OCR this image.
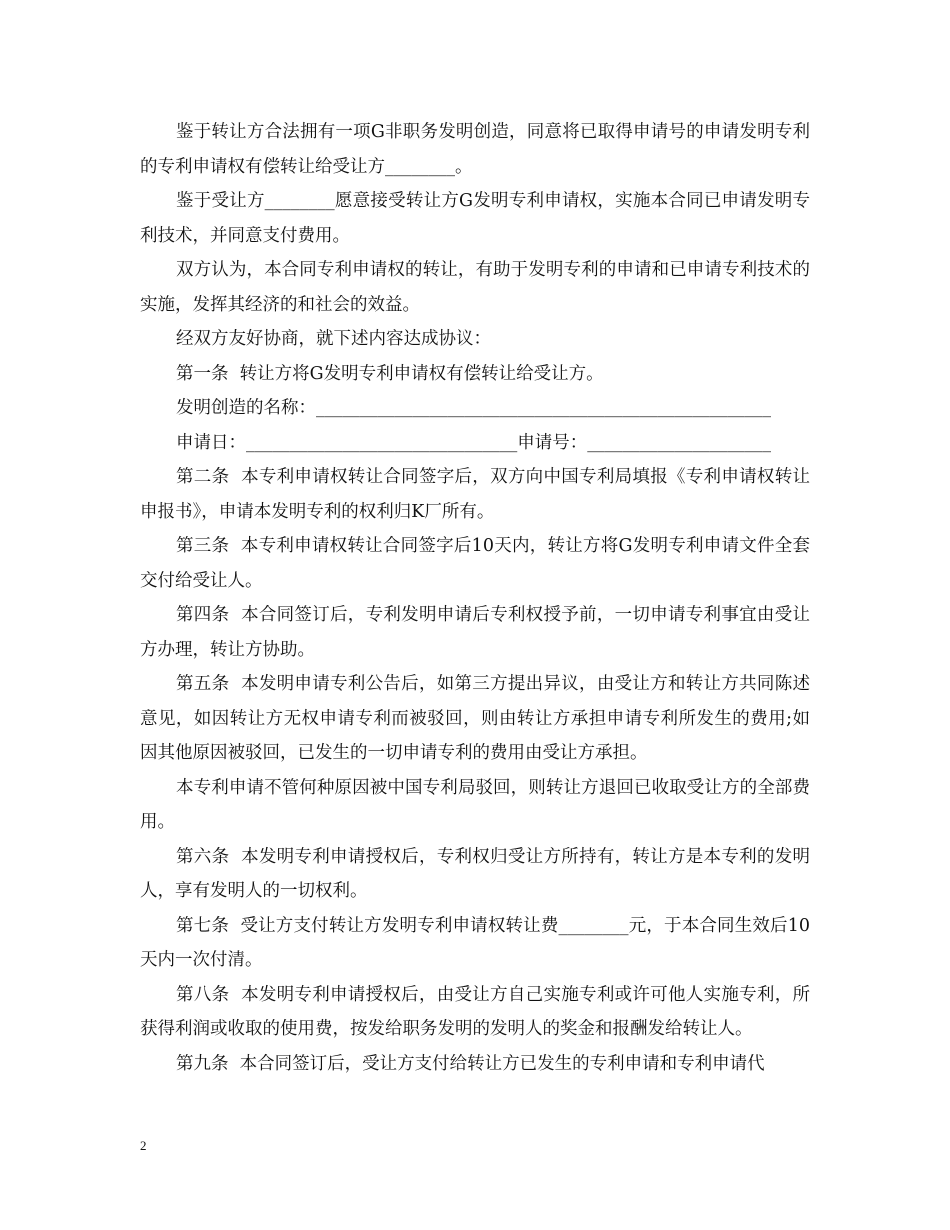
鉴于转让方合法拥有一项G非职务发明创造，同意将已取得申请号的申请发明专利的专利申请权有偿转让给受让方________。

鉴于受让方________愿意接受转让方G发明专利申请权，实施本合同已申请发明专利技术，并同意支付费用。

双方认为，本合同专利申请权的转让，有助于发明专利的申请和已申请专利技术的实施，发挥其经济的和社会的效益。

经双方友好协商，就下述内容达成协议：

第一条  转让方将G发明专利申请权有偿转让给受让方。

发明创造的名称：____________________________________________________

申请日：_______________________________申请号：_____________________

第二条  本专利申请权转让合同签字后，双方向中国专利局填报《专利申请权转让申报书》，申请本发明专利的权利归K厂所有。

第三条  本专利申请权转让合同签字后10天内，转让方将G发明专利申请文件全套交付给受让人。

第四条  本合同签订后，专利发明申请后专利权授予前，一切申请专利事宜由受让方办理，转让方协助。

第五条  本发明申请专利公告后，如第三方提出异议，由受让方和转让方共同陈述意见，如因转让方无权申请专利而被驳回，则由转让方承担申请专利所发生的费用;如因其他原因被驳回，已发生的一切申请专利的费用由受让方承担。

本专利申请不管何种原因被中国专利局驳回，则转让方退回已收取受让方的全部费用。

第六条  本发明专利申请授权后，专利权归受让方所持有，转让方是本专利的发明人，享有发明人的一切权利。

第七条  受让方支付转让方发明专利申请权转让费________元，于本合同生效后10天内一次付清。

第八条  本发明专利申请授权后，由受让方自己实施专利或许可他人实施专利，所获得利润或收取的使用费，按发给职务发明的发明人的奖金和报酬发给转让人。

第九条  本合同签订后，受让方支付给转让方已发生的专利申请和专利申请代

2
